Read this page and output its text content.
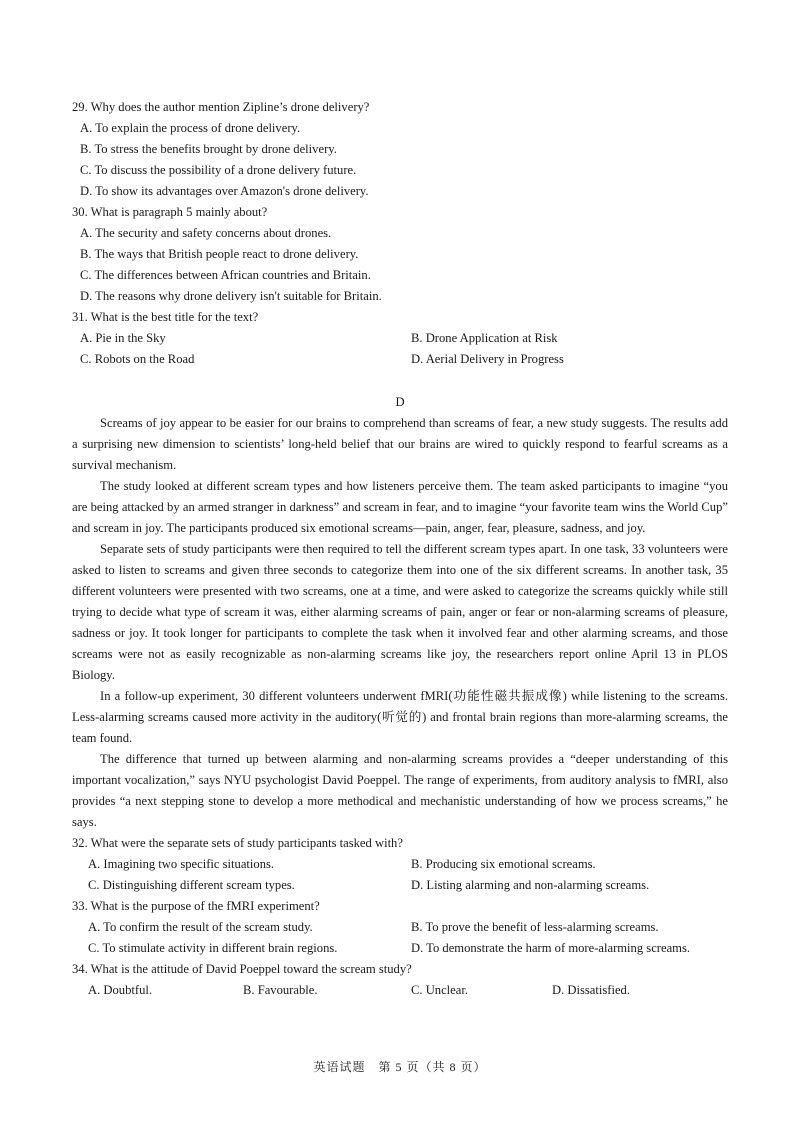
29. Why does the author mention Zipline’s drone delivery?

A. To explain the process of drone delivery.

B. To stress the benefits brought by drone delivery.

C. To discuss the possibility of a drone delivery future.

D. To show its advantages over Amazon's drone delivery.

30. What is paragraph 5 mainly about?

A. The security and safety concerns about drones.

B. The ways that British people react to drone delivery.

C. The differences between African countries and Britain.

D. The reasons why drone delivery isn't suitable for Britain.

31. What is the best title for the text?

A. Pie in the Sky	B. Drone Application at Risk
C. Robots on the Road	D. Aerial Delivery in Progress

D

Screams of joy appear to be easier for our brains to comprehend than screams of fear, a new study suggests. The results add a surprising new dimension to scientists’ long-held belief that our brains are wired to quickly respond to fearful screams as a survival mechanism.

The study looked at different scream types and how listeners perceive them. The team asked participants to imagine “you are being attacked by an armed stranger in darkness” and scream in fear, and to imagine “your favorite team wins the World Cup” and scream in joy. The participants produced six emotional screams—pain, anger, fear, pleasure, sadness, and joy.

Separate sets of study participants were then required to tell the different scream types apart. In one task, 33 volunteers were asked to listen to screams and given three seconds to categorize them into one of the six different screams. In another task, 35 different volunteers were presented with two screams, one at a time, and were asked to categorize the screams quickly while still trying to decide what type of scream it was, either alarming screams of pain, anger or fear or non-alarming screams of pleasure, sadness or joy. It took longer for participants to complete the task when it involved fear and other alarming screams, and those screams were not as easily recognizable as non-alarming screams like joy, the researchers report online April 13 in PLOS Biology.

In a follow-up experiment, 30 different volunteers underwent fMRI(功能性磁共振成像) while listening to the screams. Less-alarming screams caused more activity in the auditory(听觉的) and frontal brain regions than more-alarming screams, the team found.

The difference that turned up between alarming and non-alarming screams provides a “deeper understanding of this important vocalization,” says NYU psychologist David Poeppel. The range of experiments, from auditory analysis to fMRI, also provides “a next stepping stone to develop a more methodical and mechanistic understanding of how we process screams,” he says.

32. What were the separate sets of study participants tasked with?

A. Imagining two specific situations.	B. Producing six emotional screams.
C. Distinguishing different scream types.	D. Listing alarming and non-alarming screams.

33. What is the purpose of the fMRI experiment?

A. To confirm the result of the scream study.	B. To prove the benefit of less-alarming screams.
C. To stimulate activity in different brain regions.	D. To demonstrate the harm of more-alarming screams.

34. What is the attitude of David Poeppel toward the scream study?

A. Doubtful.	B. Favourable.	C. Unclear.	D. Dissatisfied.
英语试题　第 5 页（共 8 页）
